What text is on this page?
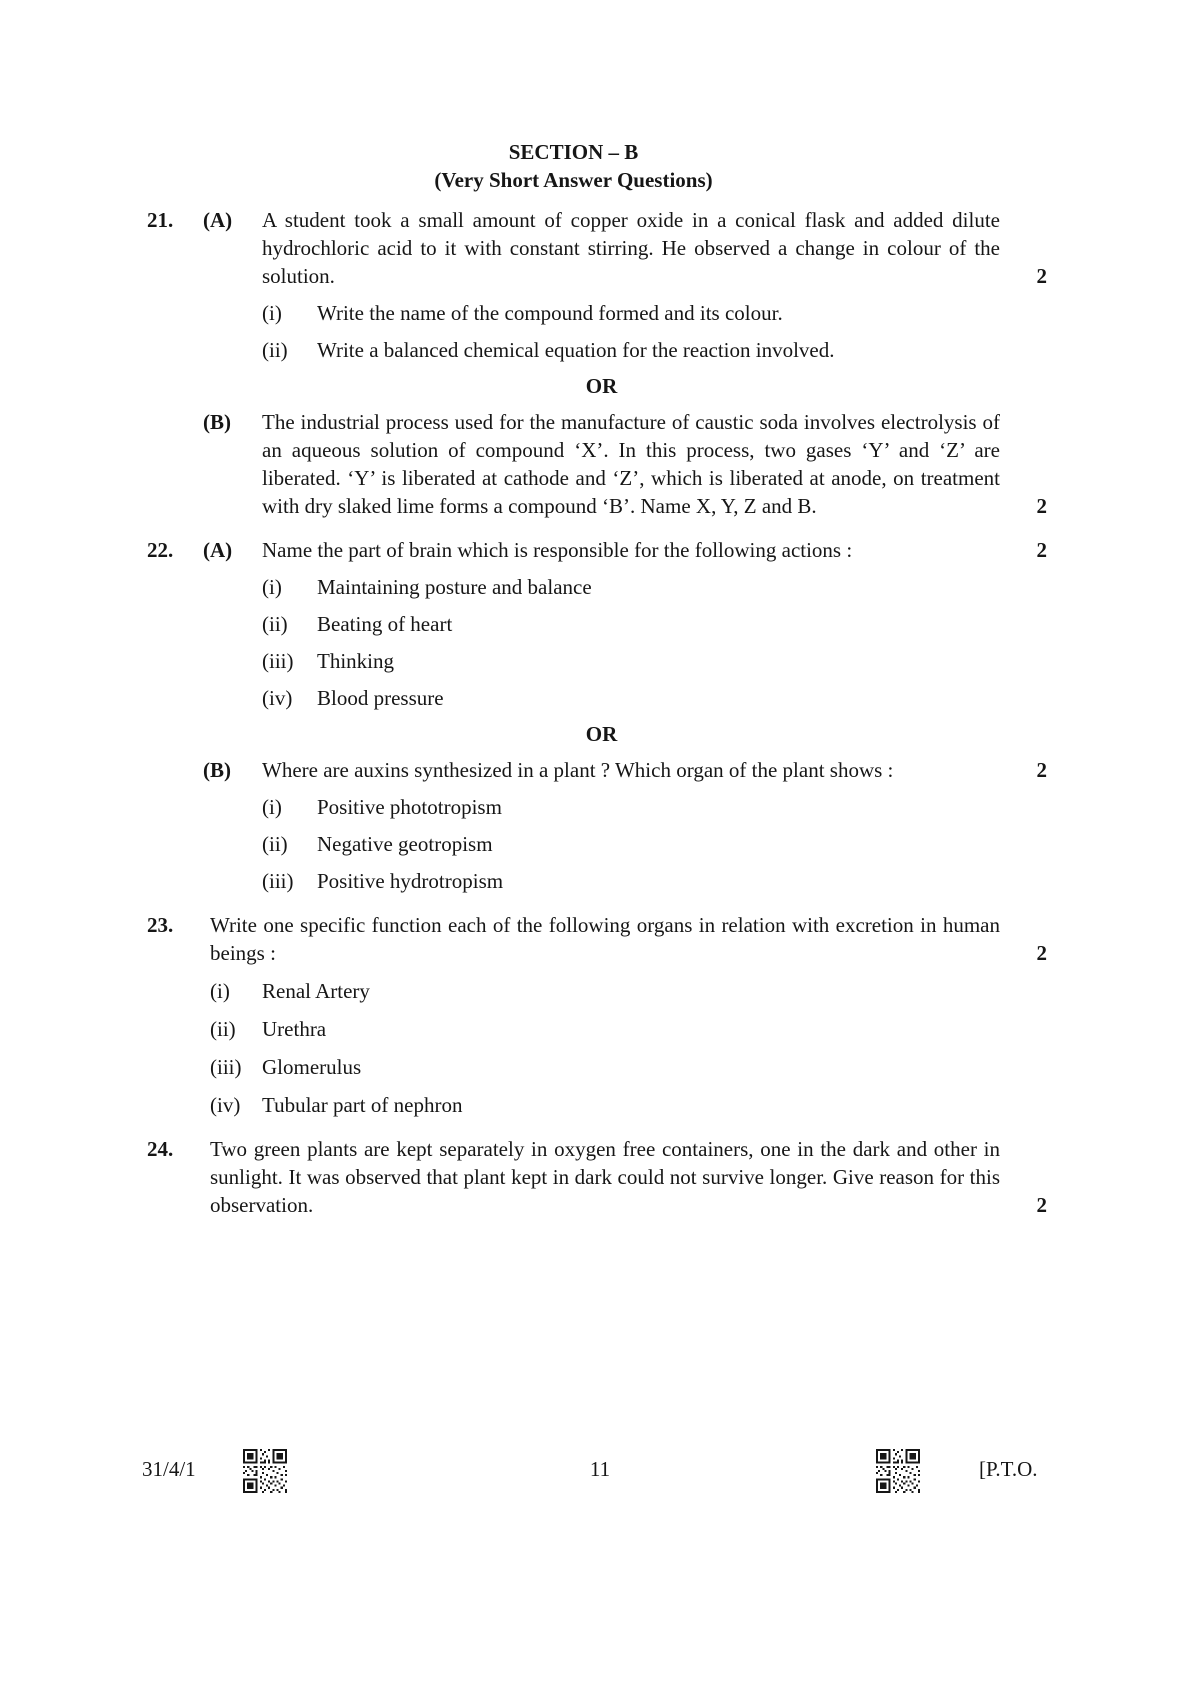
SECTION – B
(Very Short Answer Questions)
21. (A) A student took a small amount of copper oxide in a conical flask and added dilute hydrochloric acid to it with constant stirring. He observed a change in colour of the solution.	2
(i)	Write the name of the compound formed and its colour.
(ii)	Write a balanced chemical equation for the reaction involved.
OR
(B) The industrial process used for the manufacture of caustic soda involves electrolysis of an aqueous solution of compound ‘X’. In this process, two gases ‘Y’ and ‘Z’ are liberated. ‘Y’ is liberated at cathode and ‘Z’, which is liberated at anode, on treatment with dry slaked lime forms a compound ‘B’. Name X, Y, Z and B.	2
22. (A) Name the part of brain which is responsible for the following actions :	2
(i)	Maintaining posture and balance
(ii)	Beating of heart
(iii)	Thinking
(iv)	Blood pressure
OR
(B) Where are auxins synthesized in a plant ? Which organ of the plant shows :	2
(i)	Positive phototropism
(ii)	Negative geotropism
(iii)	Positive hydrotropism
23. Write one specific function each of the following organs in relation with excretion in human beings :	2
(i)	Renal Artery
(ii)	Urethra
(iii) Glomerulus
(iv)	Tubular part of nephron
24. Two green plants are kept separately in oxygen free containers, one in the dark and other in sunlight. It was observed that plant kept in dark could not survive longer. Give reason for this observation.	2
31/4/1	11	[P.T.O.
